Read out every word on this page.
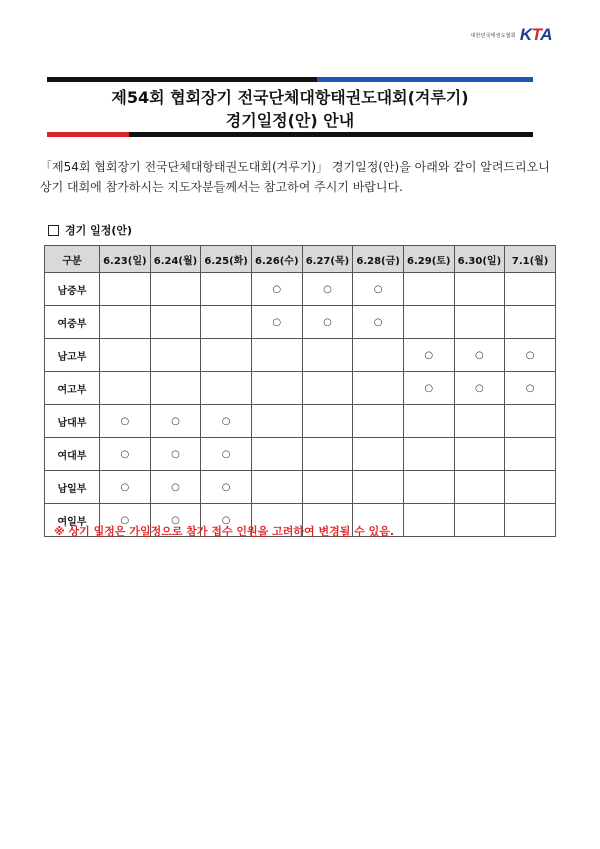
대한민국태권도협회 KTA
제54회 협회장기 전국단체대항태권도대회(겨루기)
경기일정(안) 안내

「제54회 협회장기 전국단체대항태권도대회(겨루기)」 경기일정(안)을 아래와 같이 알려드리오니

상기 대회에 참가하시는 지도자분들께서는 참고하여 주시기 바랍니다.

경기 일정(안)
구분	6.23(일)	6.24(월)	6.25(화)	6.26(수)	6.27(목)	6.28(금)	6.29(토)	6.30(일)	7.1(월)
남중부				○	○	○			
여중부				○	○	○			
남고부							○	○	○
여고부							○	○	○
남대부	○	○	○						
여대부	○	○	○						
남일부	○	○	○						
여일부	○	○	○						
※ 상기 일정은 가일정으로 참가 접수 인원을 고려하여 변경될 수 있음.
